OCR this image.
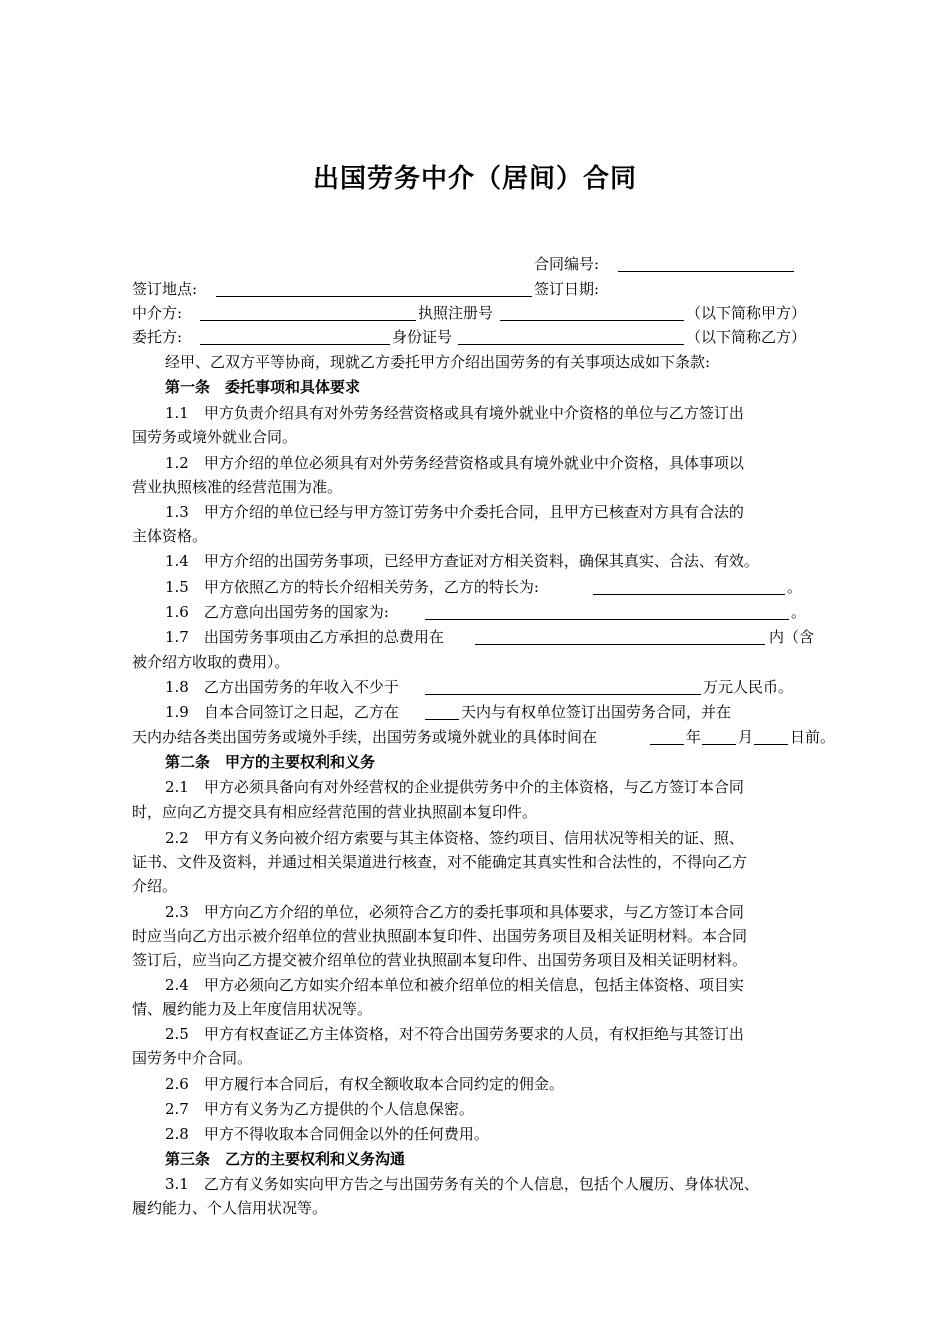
出国劳务中介（居间）合同
合同编号:
签订地点:	签订日期:
中介方:	执照注册号	（以下简称甲方）
委托方:	身份证号	（以下简称乙方）
经甲、乙双方平等协商，现就乙方委托甲方介绍出国劳务的有关事项达成如下条款:
第一条　委托事项和具体要求
1.1　甲方负责介绍具有对外劳务经营资格或具有境外就业中介资格的单位与乙方签订出
国劳务或境外就业合同。
1.2　甲方介绍的单位必须具有对外劳务经营资格或具有境外就业中介资格，具体事项以
营业执照核准的经营范围为准。
1.3　甲方介绍的单位已经与甲方签订劳务中介委托合同，且甲方已核查对方具有合法的
主体资格。
1.4　甲方介绍的出国劳务事项，已经甲方查证对方相关资料，确保其真实、合法、有效。
1.5　甲方依照乙方的特长介绍相关劳务，乙方的特长为:	。
1.6　乙方意向出国劳务的国家为:	。
1.7　出国劳务事项由乙方承担的总费用在	内（含
被介绍方收取的费用）。
1.8　乙方出国劳务的年收入不少于	万元人民币。
1.9　自本合同签订之日起，乙方在	天内与有权单位签订出国劳务合同，并在
天内办结各类出国劳务或境外手续，出国劳务或境外就业的具体时间在	年 月 日前。
第二条　甲方的主要权利和义务
2.1　甲方必须具备向有对外经营权的企业提供劳务中介的主体资格，与乙方签订本合同
时，应向乙方提交具有相应经营范围的营业执照副本复印件。
2.2　甲方有义务向被介绍方索要与其主体资格、签约项目、信用状况等相关的证、照、
证书、文件及资料，并通过相关渠道进行核查，对不能确定其真实性和合法性的，不得向乙方
介绍。
2.3　甲方向乙方介绍的单位，必须符合乙方的委托事项和具体要求，与乙方签订本合同
时应当向乙方出示被介绍单位的营业执照副本复印件、出国劳务项目及相关证明材料。本合同
签订后，应当向乙方提交被介绍单位的营业执照副本复印件、出国劳务项目及相关证明材料。
2.4　甲方必须向乙方如实介绍本单位和被介绍单位的相关信息，包括主体资格、项目实
情、履约能力及上年度信用状况等。
2.5　甲方有权查证乙方主体资格，对不符合出国劳务要求的人员，有权拒绝与其签订出
国劳务中介合同。
2.6　甲方履行本合同后，有权全额收取本合同约定的佣金。
2.7　甲方有义务为乙方提供的个人信息保密。
2.8　甲方不得收取本合同佣金以外的任何费用。
第三条　乙方的主要权利和义务沟通
3.1　乙方有义务如实向甲方告之与出国劳务有关的个人信息，包括个人履历、身体状况、
履约能力、个人信用状况等。
